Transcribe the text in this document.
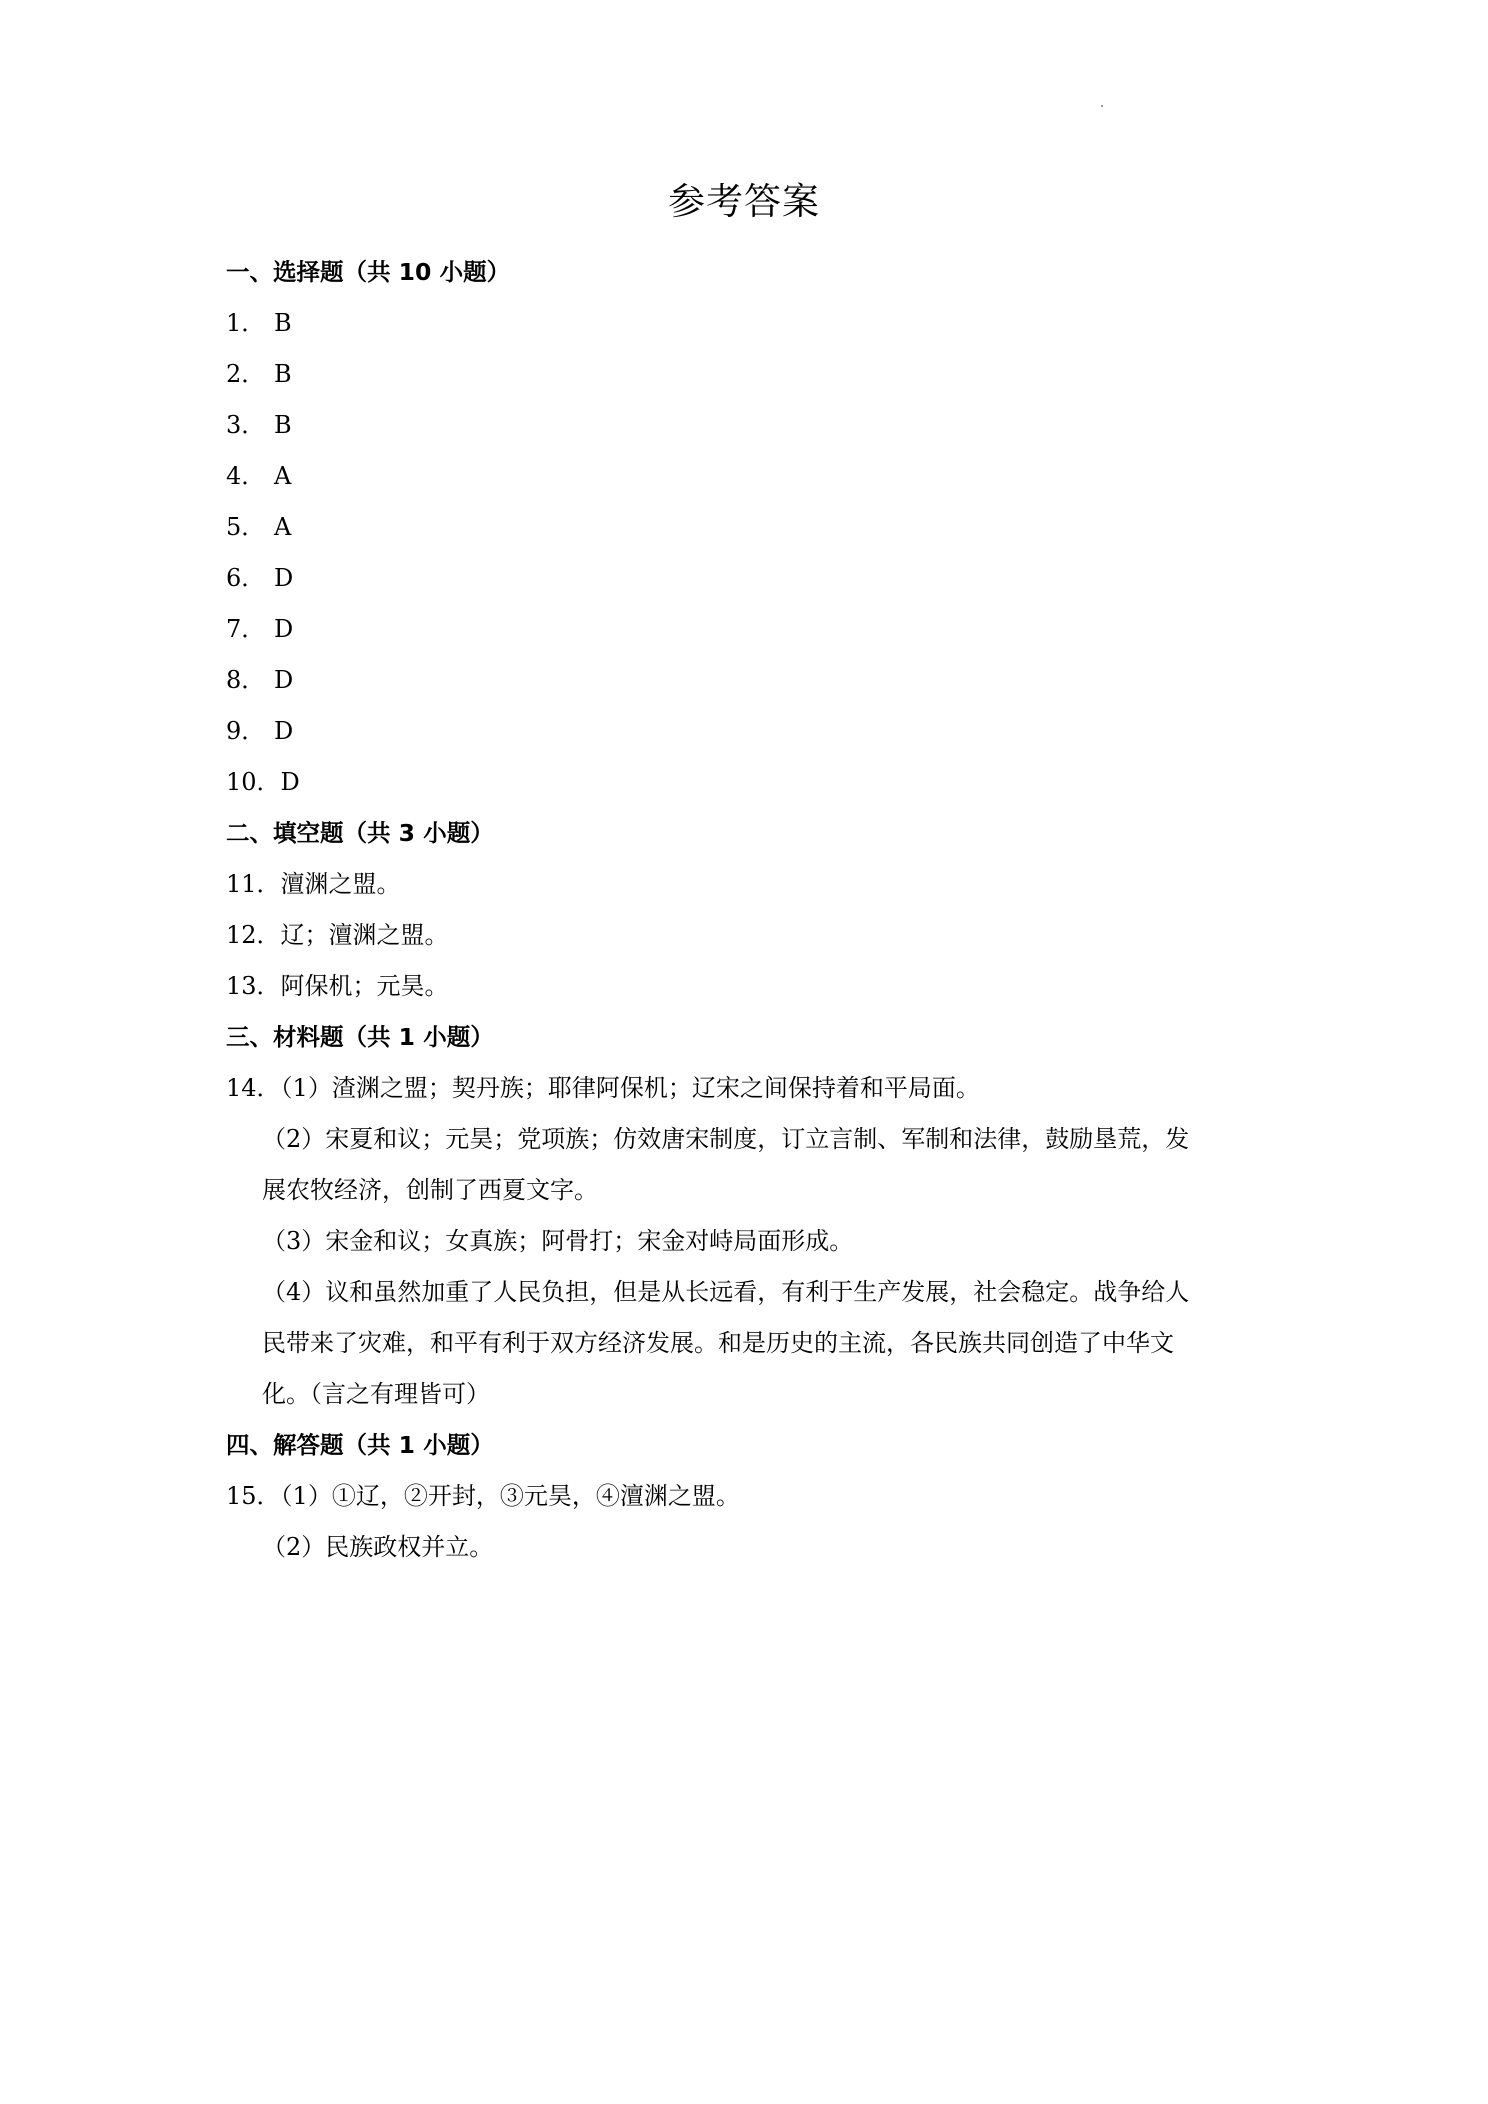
参考答案
一、选择题（共 10 小题）
1． B
2． B
3． B
4． A
5． A
6． D
7． D
8． D
9． D
10．D
二、填空题（共 3 小题）
11．澶渊之盟。
12．辽；澶渊之盟。
13．阿保机；元昊。
三、材料题（共 1 小题）
14．（1）渣渊之盟；契丹族；耶律阿保机；辽宋之间保持着和平局面。
（2）宋夏和议；元昊；党项族；仿效唐宋制度，订立言制、军制和法律，鼓励垦荒，发
展农牧经济，创制了西夏文字。
（3）宋金和议；女真族；阿骨打；宋金对峙局面形成。
（4）议和虽然加重了人民负担，但是从长远看，有利于生产发展，社会稳定。战争给人
民带来了灾难，和平有利于双方经济发展。和是历史的主流，各民族共同创造了中华文
化。（言之有理皆可）
四、解答题（共 1 小题）
15．（1）①辽，②开封，③元昊，④澶渊之盟。
（2）民族政权并立。
